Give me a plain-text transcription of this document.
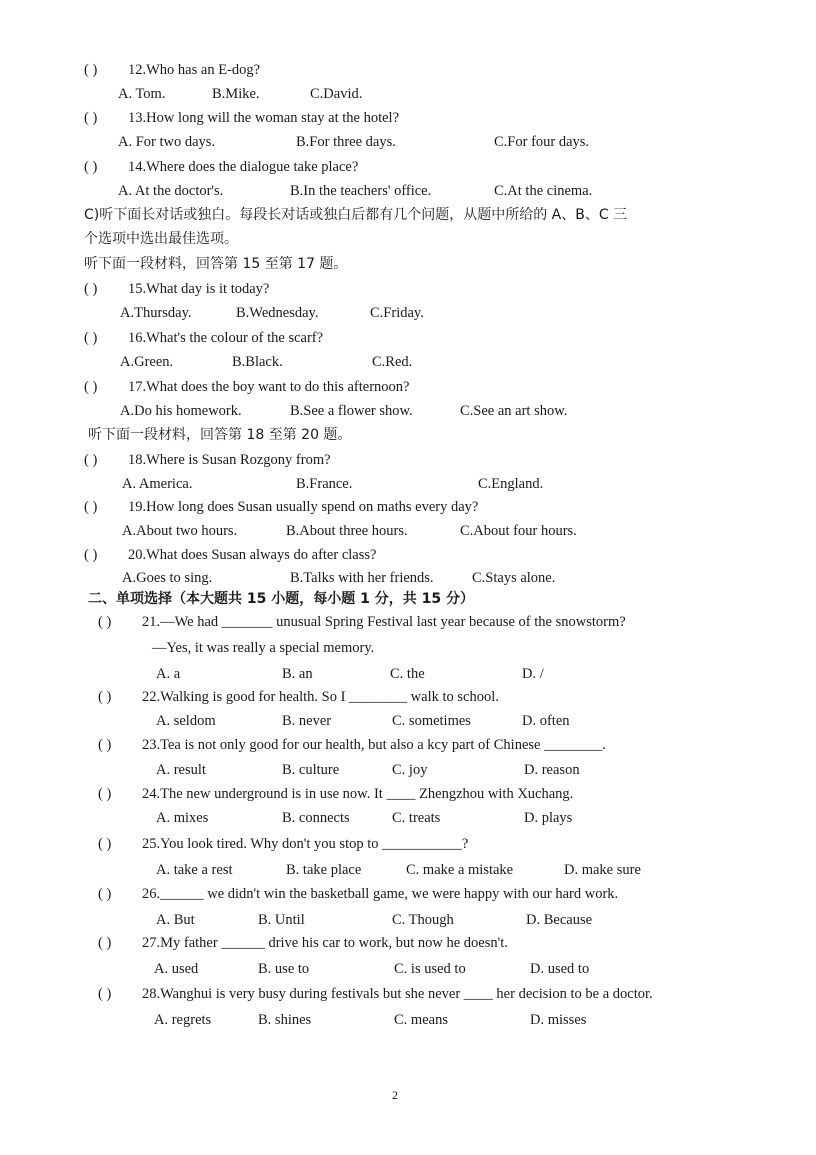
( ) 12.Who has an E-dog?
A. Tom.	B.Mike.	C.David.
( ) 13.How long will the woman stay at the hotel?
A. For two days.	B.For three days.	C.For four days.
( ) 14.Where does the dialogue take place?
A. At the doctor's.	B.In the teachers' office.	C.At the cinema.
C)听下面长对话或独白。每段长对话或独白后都有几个问题，从题中所给的 A、B、C 三
个选项中选出最佳选项。
听下面一段材料，回答第 15 至第 17 题。
( ) 15.What day is it today?
A.Thursday.	B.Wednesday.	C.Friday.
( ) 16.What's the colour of the scarf?
A.Green.	B.Black.	C.Red.
( ) 17.What does the boy want to do this afternoon?
A.Do his homework.	B.See a flower show.	C.See an art show.
听下面一段材料，回答第 18 至第 20 题。
( ) 18.Where is Susan Rozgony from?
A. America.	B.France.	C.England.
( ) 19.How long does Susan usually spend on maths every day?
A.About two hours.	B.About three hours.	C.About four hours.
( ) 20.What does Susan always do after class?
A.Goes to sing.	B.Talks with her friends.	C.Stays alone.
二、单项选择（本大题共 15 小题，每小题 1 分，共 15 分）
( ) 21.—We had _______ unusual Spring Festival last year because of the snowstorm?
—Yes, it was really a special memory.
A. a	B. an	C. the	D. /
( ) 22.Walking is good for health. So I ________ walk to school.
A. seldom	B. never	C. sometimes	D. often
( ) 23.Tea is not only good for our health, but also a kcy part of Chinese ________.
A. result	B. culture	C. joy	D. reason
( ) 24.The new underground is in use now. It ____ Zhengzhou with Xuchang.
A. mixes	B. connects	C. treats	D. plays
( ) 25.You look tired. Why don't you stop to ___________?
A. take a rest	B. take place	C. make a mistake	D. make sure
( ) 26.______ we didn't win the basketball game, we were happy with our hard work.
A. But	B. Until	C. Though	D. Because
( ) 27.My father ______ drive his car to work, but now he doesn't.
A. used	B. use to	C. is used to	D. used to
( ) 28.Wanghui is very busy during festivals but she never ____ her decision to be a doctor.
A. regrets	B. shines	C. means	D. misses
2
